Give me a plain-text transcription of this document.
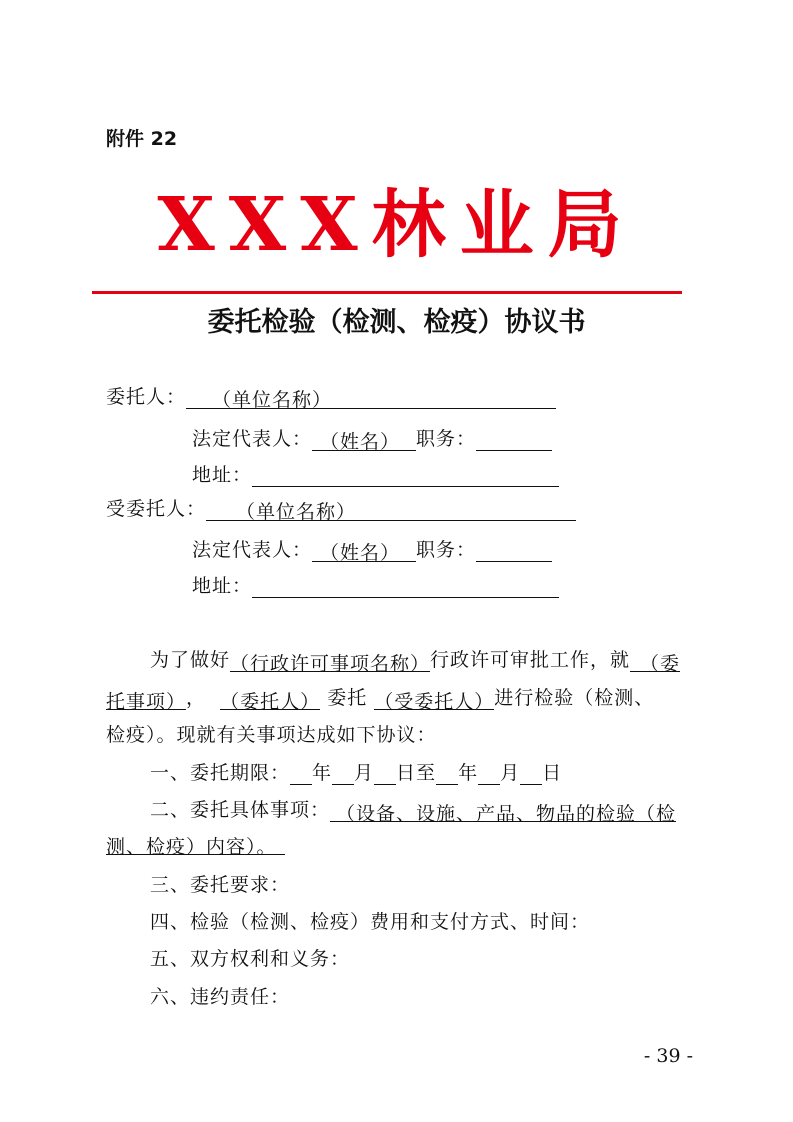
附件 22
XXX林业局
委托检验（检测、检疫）协议书
委托人： （单位名称）
法定代表人： （姓名） 职务：
地址：
受委托人： （单位名称）
法定代表人： （姓名） 职务：
地址：
为了做好（行政许可事项名称）行政许可审批工作，就 （委
托事项）， （委托人） 委托 （受委托人）进行检验（检测、
检疫）。现就有关事项达成如下协议：
一、委托期限： 年 月 日至 年 月 日
二、委托具体事项： （设备、设施、产品、物品的检验（检
测、检疫）内容）。
三、委托要求：
四、检验（检测、检疫）费用和支付方式、时间：
五、双方权利和义务：
六、违约责任：
- 39 -
